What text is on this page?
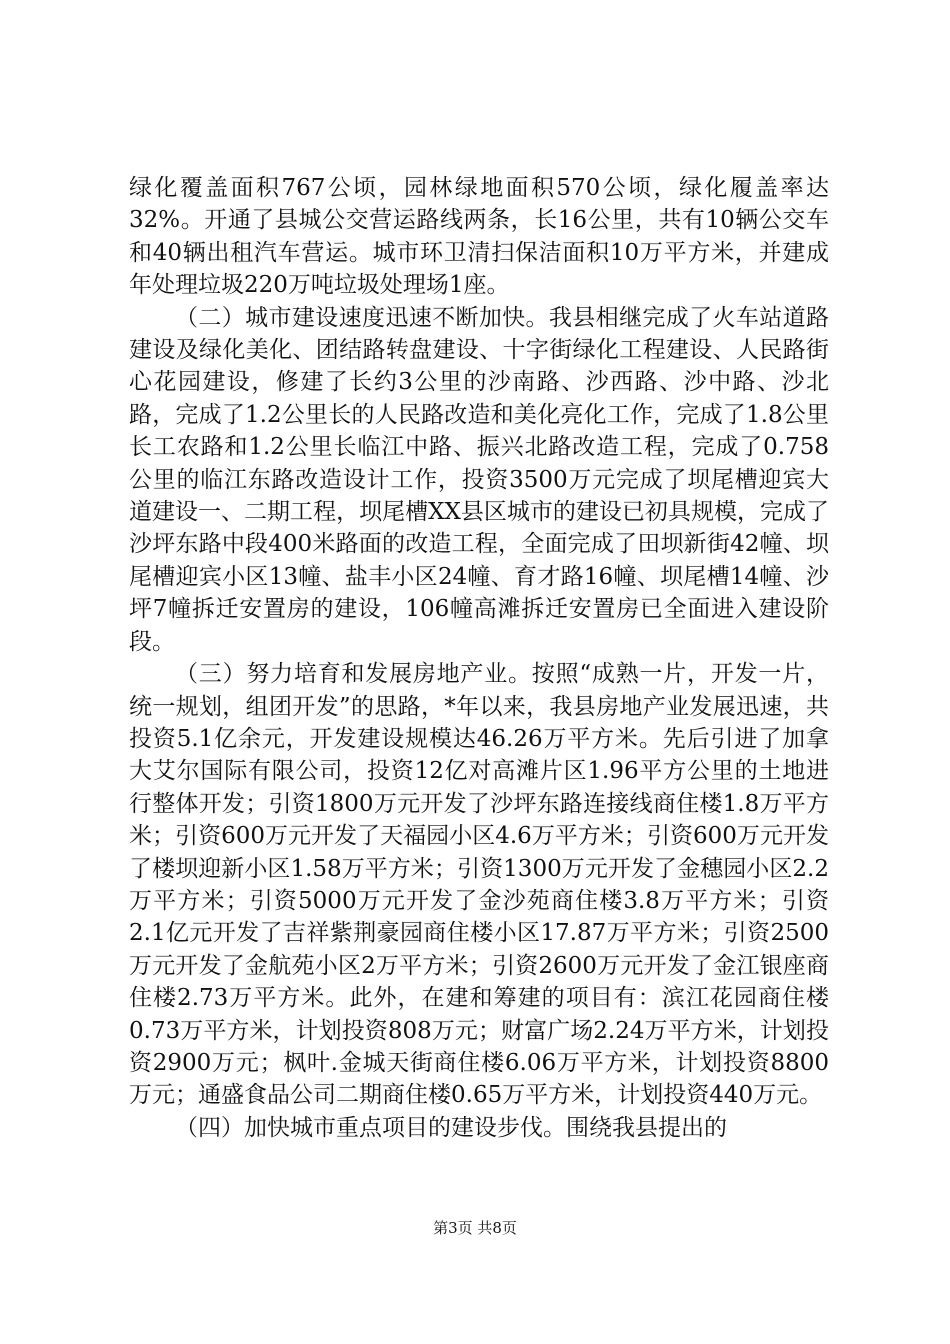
绿化覆盖面积767公顷，园林绿地面积570公顷，绿化履盖率达32%。开通了县城公交营运路线两条，长16公里，共有10辆公交车和40辆出租汽车营运。城市环卫清扫保洁面积10万平方米，并建成年处理垃圾220万吨垃圾处理场1座。

（二）城市建设速度迅速不断加快。我县相继完成了火车站道路建设及绿化美化、团结路转盘建设、十字街绿化工程建设、人民路街心花园建设，修建了长约3公里的沙南路、沙西路、沙中路、沙北路，完成了1.2公里长的人民路改造和美化亮化工作，完成了1.8公里长工农路和1.2公里长临江中路、振兴北路改造工程，完成了0.758公里的临江东路改造设计工作，投资3500万元完成了坝尾槽迎宾大道建设一、二期工程，坝尾槽XX县区城市的建设已初具规模，完成了沙坪东路中段400米路面的改造工程，全面完成了田坝新街42幢、坝尾槽迎宾小区13幢、盐丰小区24幢、育才路16幢、坝尾槽14幢、沙坪7幢拆迁安置房的建设，106幢高滩拆迁安置房已全面进入建设阶段。

（三）努力培育和发展房地产业。按照“成熟一片，开发一片，统一规划，组团开发”的思路，*年以来，我县房地产业发展迅速，共投资5.1亿余元，开发建设规模达46.26万平方米。先后引进了加拿大艾尔国际有限公司，投资12亿对高滩片区1.96平方公里的土地进行整体开发；引资1800万元开发了沙坪东路连接线商住楼1.8万平方米；引资600万元开发了天福园小区4.6万平方米；引资600万元开发了楼坝迎新小区1.58万平方米；引资1300万元开发了金穗园小区2.2万平方米；引资5000万元开发了金沙苑商住楼3.8万平方米；引资2.1亿元开发了吉祥紫荆豪园商住楼小区17.87万平方米；引资2500万元开发了金航苑小区2万平方米；引资2600万元开发了金江银座商住楼2.73万平方米。此外，在建和筹建的项目有：滨江花园商住楼0.73万平方米，计划投资808万元；财富广场2.24万平方米，计划投资2900万元；枫叶.金城天街商住楼6.06万平方米，计划投资8800万元；通盛食品公司二期商住楼0.65万平方米，计划投资440万元。

（四）加快城市重点项目的建设步伐。围绕我县提出的

第3页 共8页
